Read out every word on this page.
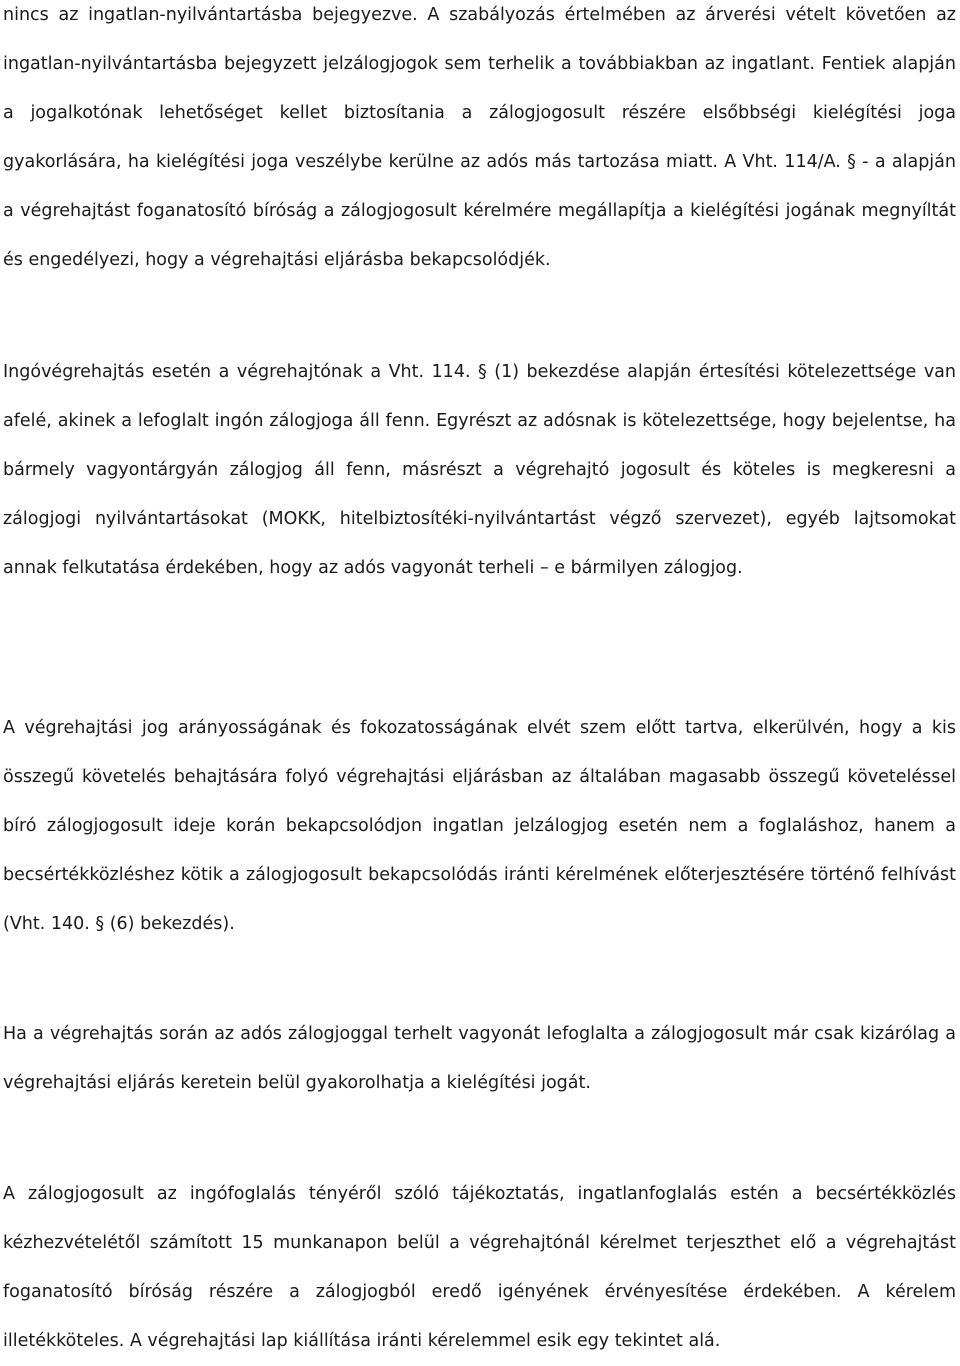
nincs az ingatlan-nyilvántartásba bejegyezve. A szabályozás értelmében az árverési vételt követően az ingatlan-nyilvántartásba bejegyzett jelzálogjogok sem terhelik a továbbiakban az ingatlant. Fentiek alapján a jogalkotónak lehetőséget kellet biztosítania a zálogjogosult részére elsőbbségi kielégítési joga gyakorlására, ha kielégítési joga veszélybe kerülne az adós más tartozása miatt. A Vht. 114/A. § - a alapján a végrehajtást foganatosító bíróság a zálogjogosult kérelmére megállapítja a kielégítési jogának megnyíltát és engedélyezi, hogy a végrehajtási eljárásba bekapcsolódjék.

Ingóvégrehajtás esetén a végrehajtónak a Vht. 114. § (1) bekezdése alapján értesítési kötelezettsége van afelé, akinek a lefoglalt ingón zálogjoga áll fenn. Egyrészt az adósnak is kötelezettsége, hogy bejelentse, ha bármely vagyontárgyán zálogjog áll fenn, másrészt a végrehajtó jogosult és köteles is megkeresni a zálogjogi nyilvántartásokat (MOKK, hitelbiztosítéki-nyilvántartást végző szervezet), egyéb lajtsomokat annak felkutatása érdekében, hogy az adós vagyonát terheli – e bármilyen zálogjog.

A végrehajtási jog arányosságának és fokozatosságának elvét szem előtt tartva, elkerülvén, hogy a kis összegű követelés behajtására folyó végrehajtási eljárásban az általában magasabb összegű követeléssel bíró zálogjogosult ideje korán bekapcsolódjon ingatlan jelzálogjog esetén nem a foglaláshoz, hanem a becsértékközléshez kötik a zálogjogosult bekapcsolódás iránti kérelmének előterjesztésére történő felhívást (Vht. 140. § (6) bekezdés).

Ha a végrehajtás során az adós zálogjoggal terhelt vagyonát lefoglalta a zálogjogosult már csak kizárólag a végrehajtási eljárás keretein belül gyakorolhatja a kielégítési jogát.

A zálogjogosult az ingófoglalás tényéről szóló tájékoztatás, ingatlanfoglalás estén a becsértékközlés kézhezvételétől számított 15 munkanapon belül a végrehajtónál kérelmet terjeszthet elő a végrehajtást foganatosító bíróság részére a zálogjogból eredő igényének érvényesítése érdekében. A kérelem illetékköteles. A végrehajtási lap kiállítása iránti kérelemmel esik egy tekintet alá.
